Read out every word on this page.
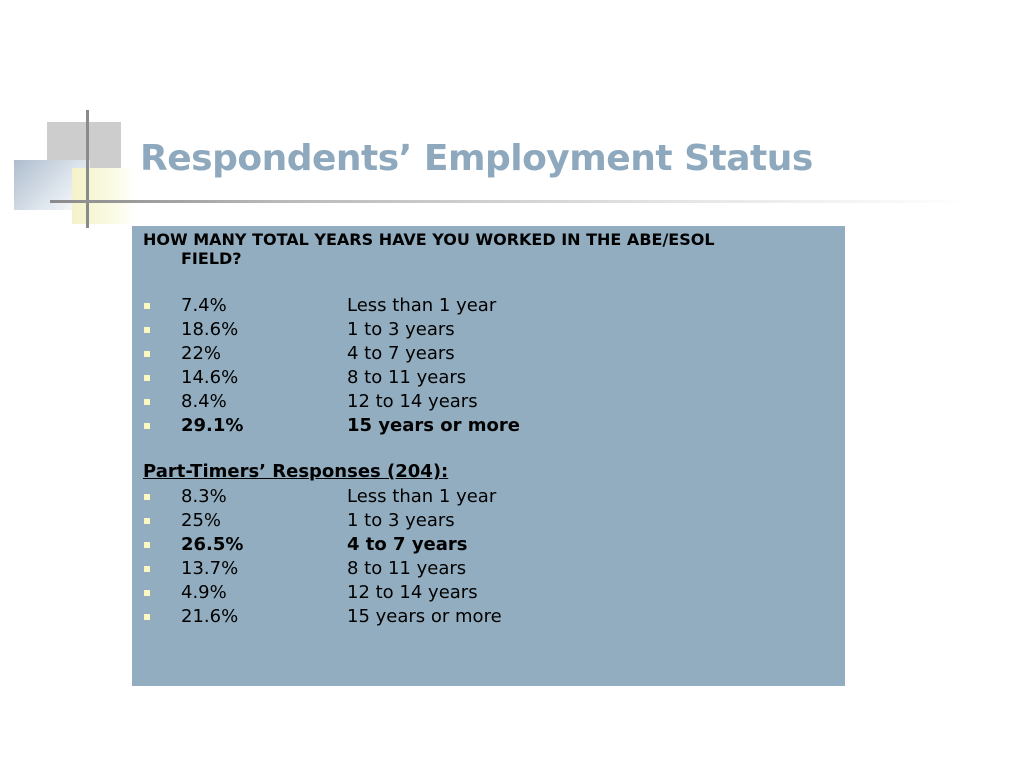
Respondents’ Employment Status
HOW MANY TOTAL YEARS HAVE YOU WORKED IN THE ABE/ESOL
FIELD?
7.4%	Less than 1 year
18.6%	1 to 3 years
22%	4 to 7 years
14.6%	8 to 11 years
8.4%	12 to 14 years
29.1%	15 years or more
Part-Timers’ Responses (204):
8.3%	Less than 1 year
25%	1 to 3 years
26.5%	4 to 7 years
13.7%	8 to 11 years
4.9%	12 to 14 years
21.6%	15 years or more
